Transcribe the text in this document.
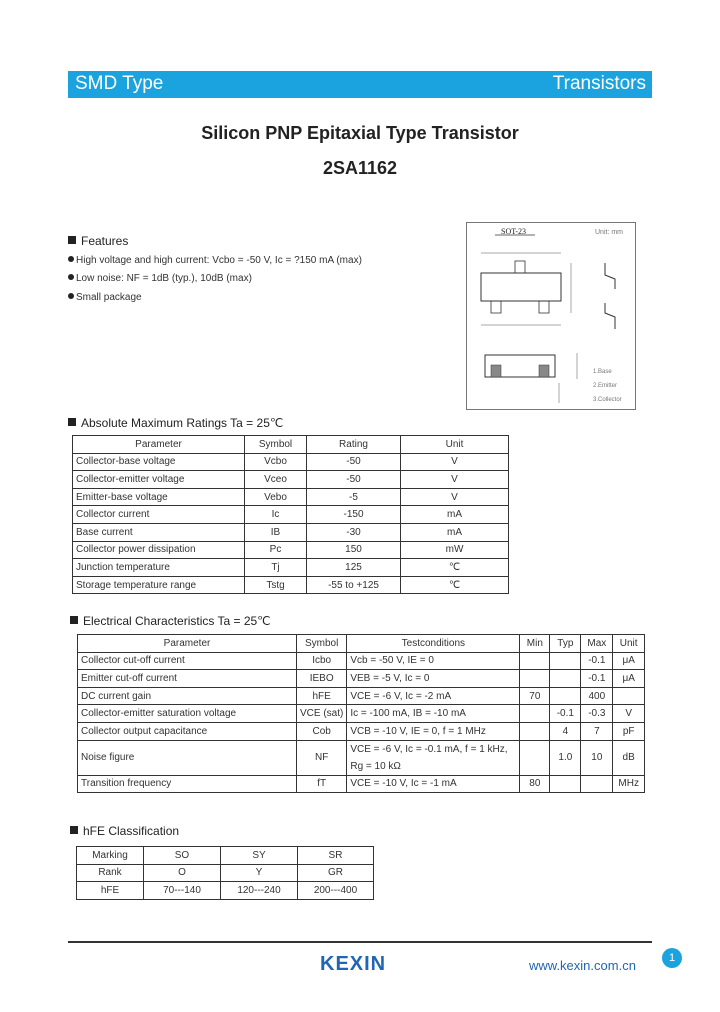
SMD Type	Transistors
Silicon PNP Epitaxial Type Transistor
2SA1162
Features
High voltage and high current: Vcbo = -50 V, Ic = ?150 mA (max)
Low noise: NF = 1dB (typ.), 10dB (max)
Small package
SOT-23	Unit: mm
1.Base
2.Emitter
3.Collector
Absolute Maximum Ratings Ta = 25℃
Parameter	Symbol	Rating	Unit
Collector-base voltage	Vcbo	-50	V
Collector-emitter voltage	Vceo	-50	V
Emitter-base voltage	Vebo	-5	V
Collector current	Ic	-150	mA
Base current	IB	-30	mA
Collector power dissipation	Pc	150	mW
Junction temperature	Tj	125	℃
Storage temperature range	Tstg	-55 to +125	℃
Electrical Characteristics Ta = 25℃
Parameter	Symbol	Testconditions	Min	Typ	Max	Unit
Collector cut-off current	Icbo	Vcb = -50 V, IE = 0			-0.1	μA
Emitter cut-off current	IEBO	VEB = -5 V, Ic = 0			-0.1	μA
DC current gain	hFE	VCE = -6 V, Ic = -2 mA	70		400	
Collector-emitter saturation voltage	VCE (sat)	Ic = -100 mA, IB = -10 mA		-0.1	-0.3	V
Collector output capacitance	Cob	VCB = -10 V, IE = 0, f = 1 MHz		4	7	pF
Noise figure	NF	VCE = -6 V, Ic = -0.1 mA, f = 1 kHz,
Rg = 10 kΩ		1.0	10	dB
Transition frequency	fT	VCE = -10 V, Ic = -1 mA	80			MHz
hFE Classification
Marking	SO	SY	SR
Rank	O	Y	GR
hFE	70---140	120---240	200---400
KEXIN	www.kexin.com.cn	1
